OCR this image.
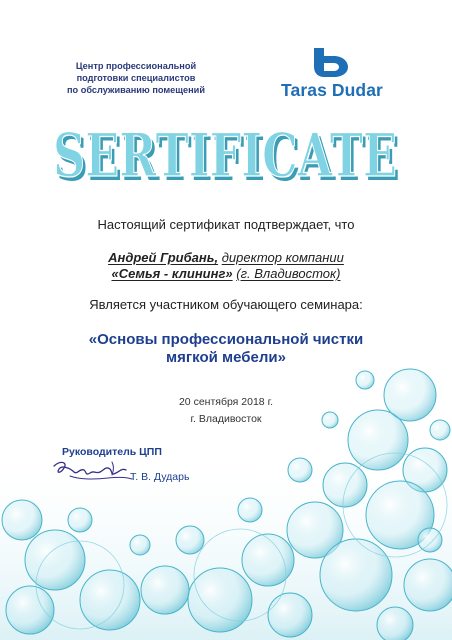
Центр профессиональной
подготовки специалистов
по обслуживанию помещений	Taras Dudar
SERTIFICATE
SERTIFICATE
Настоящий сертификат подтверждает, что
Андрей Грибань, директор компании
«Семья - клининг» (г. Владивосток)
Является участником обучающего семинара:
«Основы профессиональной чистки
мягкой мебели»
20 сентября 2018 г.
г. Владивосток
Руководитель ЦПП
Т. В. Дударь
